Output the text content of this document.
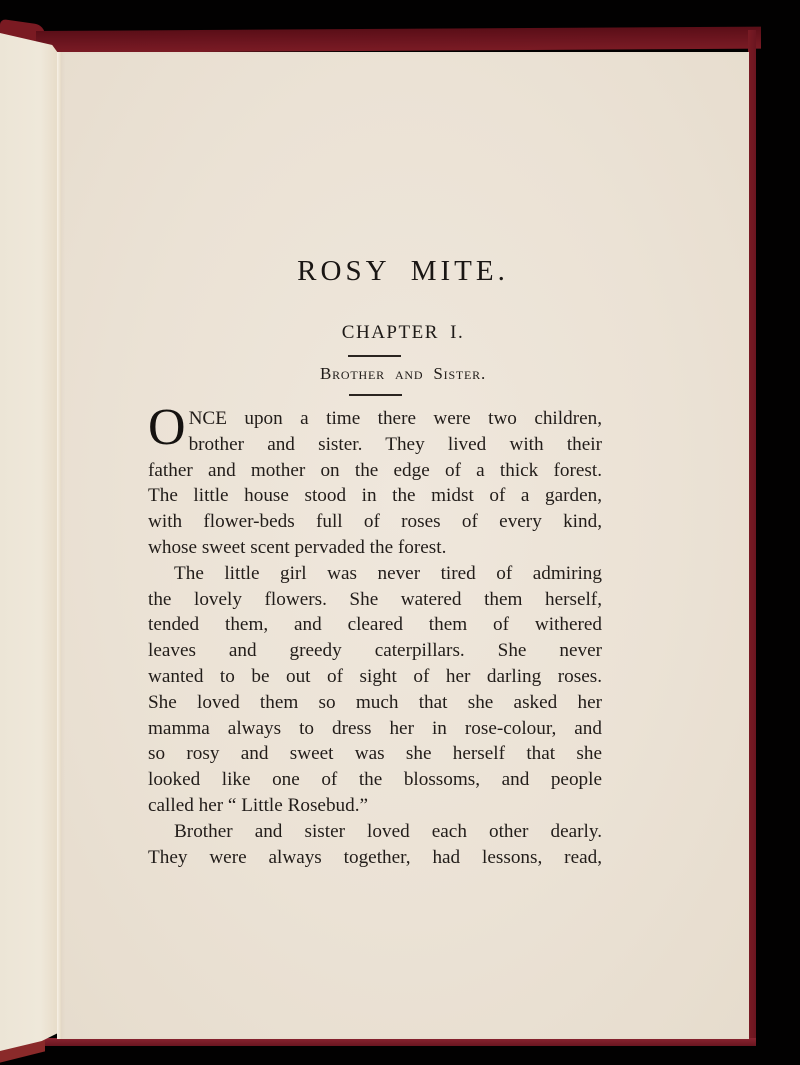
ROSY MITE.
CHAPTER I.
Brother and Sister.

O NCE upon a time there were two children,
brother and sister. They lived with their
father and mother on the edge of a thick forest.
The little house stood in the midst of a garden,
with flower-beds full of roses of every kind,
whose sweet scent pervaded the forest.

The little girl was never tired of admiring
the lovely flowers. She watered them herself,
tended them, and cleared them of withered
leaves and greedy caterpillars. She never
wanted to be out of sight of her darling roses.
She loved them so much that she asked her
mamma always to dress her in rose-colour, and
so rosy and sweet was she herself that she
looked like one of the blossoms, and people
called her “ Little Rosebud.”

Brother and sister loved each other dearly.
They were always together, had lessons, read,
